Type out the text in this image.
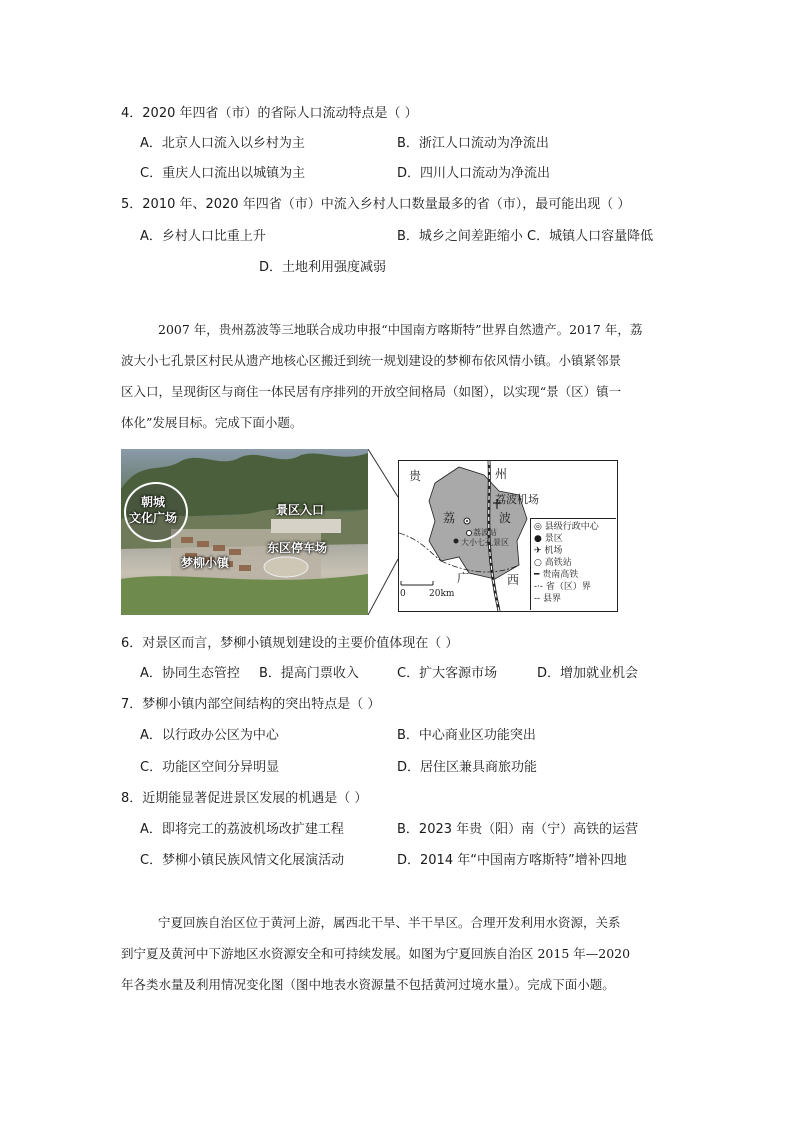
4．2020 年四省（市）的省际人口流动特点是（ ）
A．北京人口流入以乡村为主	B．浙江人口流动为净流出
C．重庆人口流出以城镇为主	D．四川人口流动为净流出
5．2010 年、2020 年四省（市）中流入乡村人口数量最多的省（市），最可能出现（ ）
A．乡村人口比重上升	B．城乡之间差距缩小 C．城镇人口容量降低
D．土地利用强度减弱
2007 年，贵州荔波等三地联合成功申报“中国南方喀斯特”世界自然遗产。2017 年，荔
波大小七孔景区村民从遗产地核心区搬迁到统一规划建设的梦柳布依风情小镇。小镇紧邻景
区入口，呈现街区与商住一体民居有序排列的开放空间格局（如图），以实现“景（区）镇一
体化”发展目标。完成下面小题。
朝城
文化广场
景区入口
梦柳小镇
东区停车场
贵	州
荔	波
广	西
荔波机场
荔波站
大小七孔景区
0	20km
◎ 县级行政中心
● 景区
✈ 机场
○ 高铁站
━ 贵南高铁
-·- 省（区）界
-- 县界
6．对景区而言，梦柳小镇规划建设的主要价值体现在（ ）
A．协同生态管控 B．提高门票收入	C．扩大客源市场	D．增加就业机会
7．梦柳小镇内部空间结构的突出特点是（ ）
A．以行政办公区为中心	B．中心商业区功能突出
C．功能区空间分异明显	D．居住区兼具商旅功能
8．近期能显著促进景区发展的机遇是（ ）
A．即将完工的荔波机场改扩建工程	B．2023 年贵（阳）南（宁）高铁的运营
C．梦柳小镇民族风情文化展演活动	D．2014 年“中国南方喀斯特”增补四地
宁夏回族自治区位于黄河上游，属西北干旱、半干旱区。合理开发利用水资源，关系
到宁夏及黄河中下游地区水资源安全和可持续发展。如图为宁夏回族自治区 2015 年—2020
年各类水量及利用情况变化图（图中地表水资源量不包括黄河过境水量）。完成下面小题。
